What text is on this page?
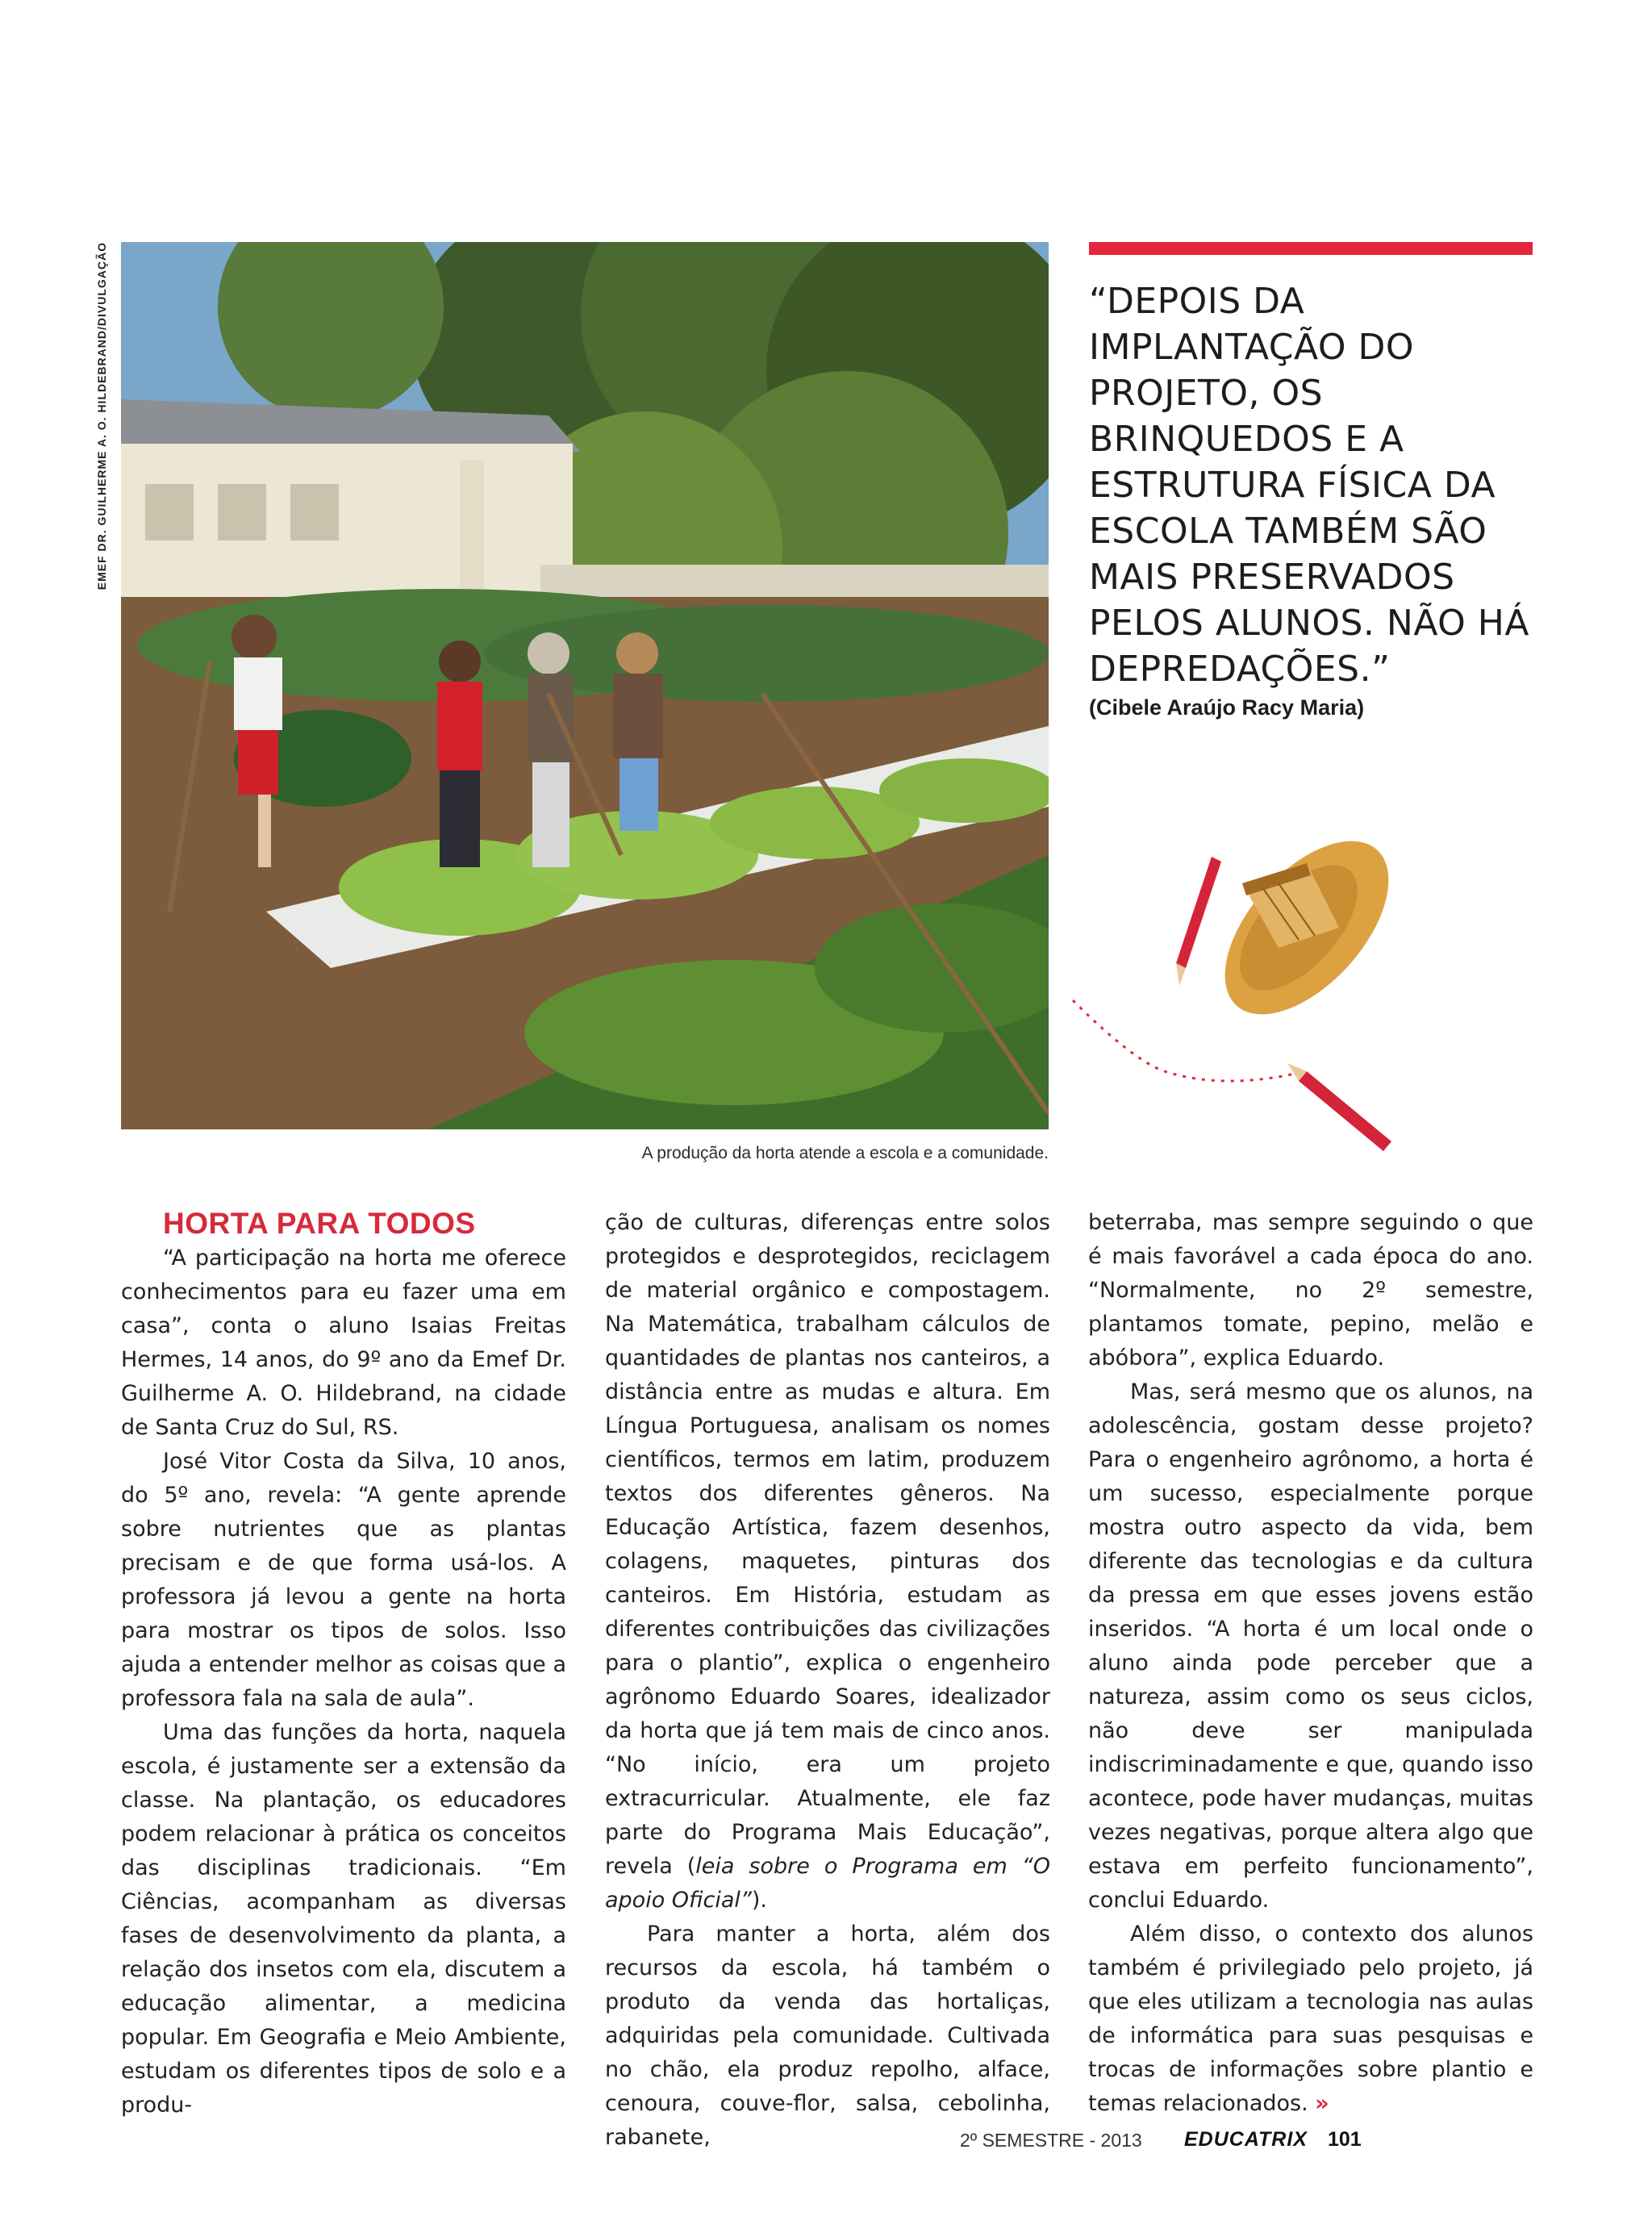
EMEF DR. GUILHERME A. O. HILDEBRAND/DIVULGAÇÃO
A produção da horta atende a escola e a comunidade.
“DEPOIS DA IMPLANTAÇÃO DO PROJETO, OS BRINQUEDOS E A ESTRUTURA FÍSICA DA ESCOLA TAMBÉM SÃO MAIS PRESERVADOS PELOS ALUNOS. NÃO HÁ DEPREDAÇÕES.”
(Cibele Araújo Racy Maria)
HORTA PARA TODOS

“A participação na horta me oferece conhecimentos para eu fazer uma em casa”, conta o aluno Isaias Freitas Hermes, 14 anos, do 9º ano da Emef Dr. Guilherme A. O. Hildebrand, na cidade de Santa Cruz do Sul, RS.

José Vitor Costa da Silva, 10 anos, do 5º ano, revela: “A gente aprende sobre nutrientes que as plantas precisam e de que forma usá-los. A professora já levou a gente na horta para mostrar os tipos de solos. Isso ajuda a entender melhor as coisas que a professora fala na sala de aula”.

Uma das funções da horta, naquela escola, é justamente ser a extensão da classe. Na plantação, os educadores podem relacionar à prática os conceitos das disciplinas tradicionais. “Em Ciências, acompanham as diversas fases de desenvolvimento da planta, a relação dos insetos com ela, discutem a educação alimentar, a medicina popular. Em Geografia e Meio Ambiente, estudam os diferentes tipos de solo e a produ-

ção de culturas, diferenças entre solos protegidos e desprotegidos, reciclagem de material orgânico e compostagem. Na Matemática, trabalham cálculos de quantidades de plantas nos canteiros, a distância entre as mudas e altura. Em Língua Portuguesa, analisam os nomes científicos, termos em latim, produzem textos dos diferentes gêneros. Na Educação Artística, fazem desenhos, colagens, maquetes, pinturas dos canteiros. Em História, estudam as diferentes contribuições das civilizações para o plantio”, explica o engenheiro agrônomo Eduardo Soares, idealizador da horta que já tem mais de cinco anos. “No início, era um projeto extracurricular. Atualmente, ele faz parte do Programa Mais Educação”, revela (leia sobre o Programa em “O apoio Oficial”).

Para manter a horta, além dos recursos da escola, há também o produto da venda das hortaliças, adquiridas pela comunidade. Cultivada no chão, ela produz repolho, alface, cenoura, couve-flor, salsa, cebolinha, rabanete,

beterraba, mas sempre seguindo o que é mais favorável a cada época do ano. “Normalmente, no 2º semestre, plantamos tomate, pepino, melão e abóbora”, explica Eduardo.

Mas, será mesmo que os alunos, na adolescência, gostam desse projeto? Para o engenheiro agrônomo, a horta é um sucesso, especialmente porque mostra outro aspecto da vida, bem diferente das tecnologias e da cultura da pressa em que esses jovens estão inseridos. “A horta é um local onde o aluno ainda pode perceber que a natureza, assim como os seus ciclos, não deve ser manipulada indiscriminadamente e que, quando isso acontece, pode haver mudanças, muitas vezes negativas, porque altera algo que estava em perfeito funcionamento”, conclui Eduardo.

Além disso, o contexto dos alunos também é privilegiado pelo projeto, já que eles utilizam a tecnologia nas aulas de informática para suas pesquisas e trocas de informações sobre plantio e temas relacionados. »

2º SEMESTRE - 2013 EDUCATRIX 101
